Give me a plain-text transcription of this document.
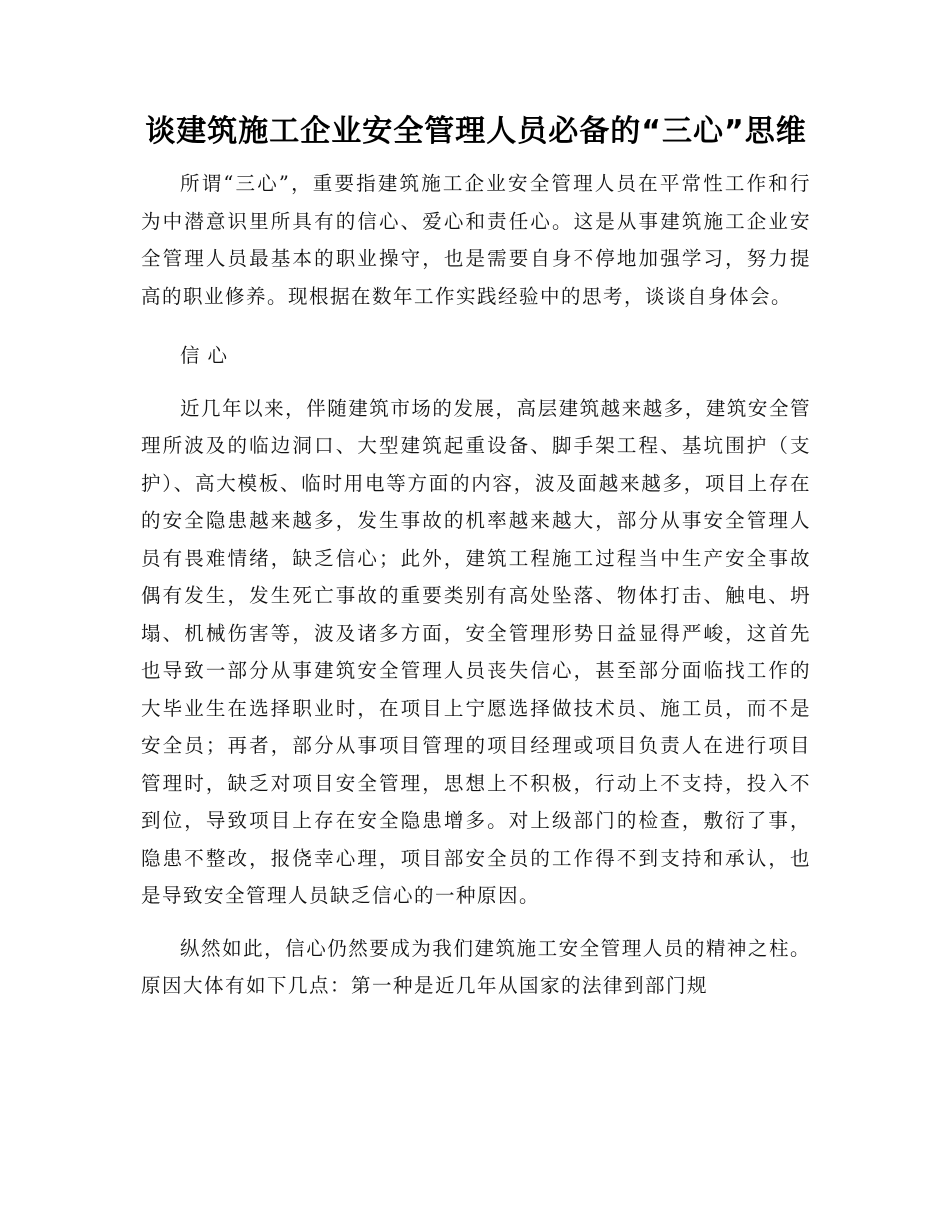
谈建筑施工企业安全管理人员必备的“三心”思维

所谓“三心”，重要指建筑施工企业安全管理人员在平常性工作和行为中潜意识里所具有的信心、爱心和责任心。这是从事建筑施工企业安全管理人员最基本的职业操守，也是需要自身不停地加强学习，努力提高的职业修养。现根据在数年工作实践经验中的思考，谈谈自身体会。

信心

近几年以来，伴随建筑市场的发展，高层建筑越来越多，建筑安全管理所波及的临边洞口、大型建筑起重设备、脚手架工程、基坑围护（支护）、高大模板、临时用电等方面的内容，波及面越来越多，项目上存在的安全隐患越来越多，发生事故的机率越来越大，部分从事安全管理人员有畏难情绪，缺乏信心；此外，建筑工程施工过程当中生产安全事故偶有发生，发生死亡事故的重要类别有高处坠落、物体打击、触电、坍塌、机械伤害等，波及诸多方面，安全管理形势日益显得严峻，这首先也导致一部分从事建筑安全管理人员丧失信心，甚至部分面临找工作的大毕业生在选择职业时，在项目上宁愿选择做技术员、施工员，而不是安全员；再者，部分从事项目管理的项目经理或项目负责人在进行项目管理时，缺乏对项目安全管理，思想上不积极，行动上不支持，投入不到位，导致项目上存在安全隐患增多。对上级部门的检查，敷衍了事，隐患不整改，报侥幸心理，项目部安全员的工作得不到支持和承认，也是导致安全管理人员缺乏信心的一种原因。

纵然如此，信心仍然要成为我们建筑施工安全管理人员的精神之柱。原因大体有如下几点：第一种是近几年从国家的法律到部门规
